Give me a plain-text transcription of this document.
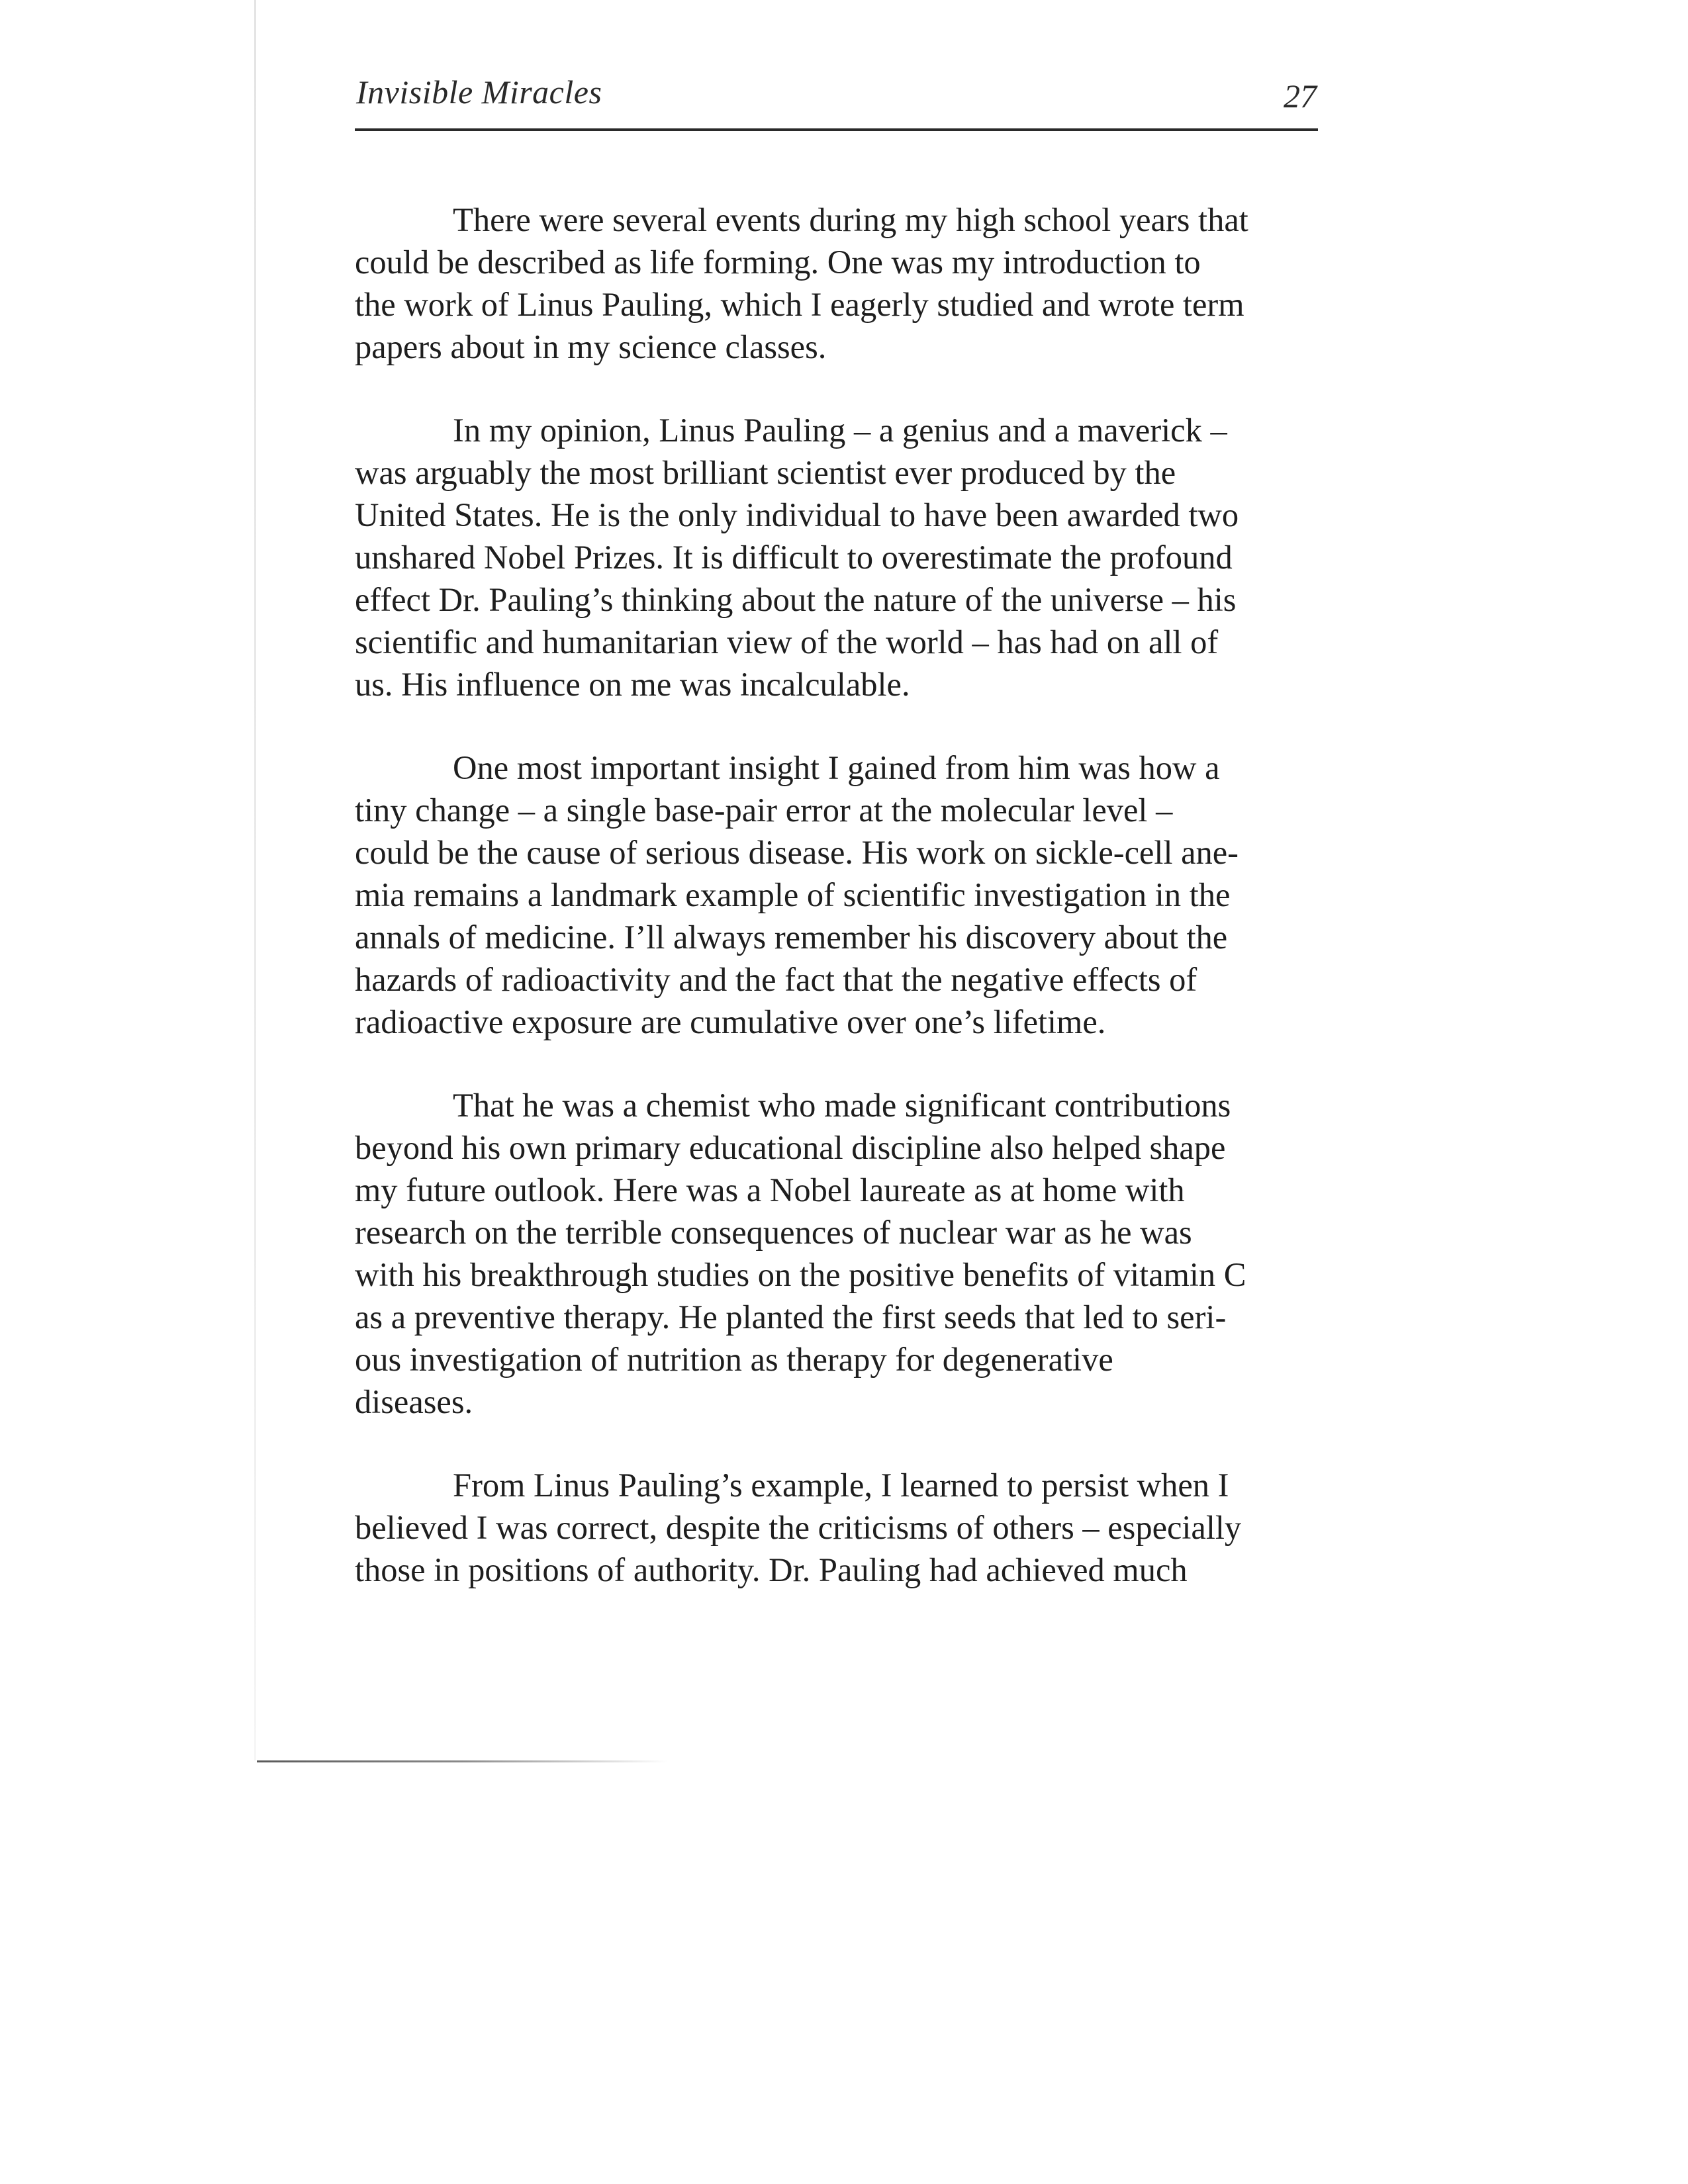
Invisible Miracles	27
There were several events during my high school years that
could be described as life forming. One was my introduction to
the work of Linus Pauling, which I eagerly studied and wrote term
papers about in my science classes.
In my opinion, Linus Pauling – a genius and a maverick –
was arguably the most brilliant scientist ever produced by the
United States. He is the only individual to have been awarded two
unshared Nobel Prizes. It is difficult to overestimate the profound
effect Dr. Pauling’s thinking about the nature of the universe – his
scientific and humanitarian view of the world – has had on all of
us. His influence on me was incalculable.
One most important insight I gained from him was how a
tiny change – a single base-pair error at the molecular level –
could be the cause of serious disease. His work on sickle-cell ane-
mia remains a landmark example of scientific investigation in the
annals of medicine. I’ll always remember his discovery about the
hazards of radioactivity and the fact that the negative effects of
radioactive exposure are cumulative over one’s lifetime.
That he was a chemist who made significant contributions
beyond his own primary educational discipline also helped shape
my future outlook. Here was a Nobel laureate as at home with
research on the terrible consequences of nuclear war as he was
with his breakthrough studies on the positive benefits of vitamin C
as a preventive therapy. He planted the first seeds that led to seri-
ous investigation of nutrition as therapy for degenerative
diseases.
From Linus Pauling’s example, I learned to persist when I
believed I was correct, despite the criticisms of others – especially
those in positions of authority. Dr. Pauling had achieved much
